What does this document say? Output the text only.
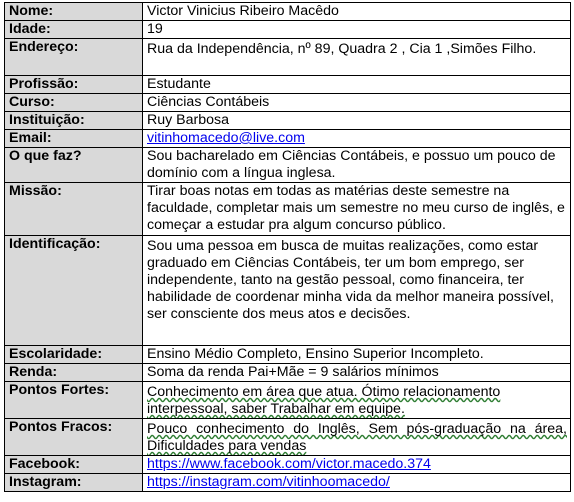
Nome:	Victor Vinicius Ribeiro Macêdo
Idade:	19
Endereço:	Rua da Independência, nº 89, Quadra 2 , Cia 1 ,Simões Filho.
Profissão:	Estudante
Curso:	Ciências Contábeis
Instituição:	Ruy Barbosa
Email:	vitinhomacedo@live.com
O que faz?	Sou bacharelado em Ciências Contábeis, e possuo um pouco de domínio com a língua inglesa.
Missão:	Tirar boas notas em todas as matérias deste semestre na faculdade, completar mais um semestre no meu curso de inglês, e começar a estudar pra algum concurso público.
Identificação:	Sou uma pessoa em busca de muitas realizações, como estar graduado em Ciências Contábeis, ter um bom emprego, ser independente, tanto na gestão pessoal, como financeira, ter habilidade de coordenar minha vida da melhor maneira possível, ser consciente dos meus atos e decisões.
Escolaridade:	Ensino Médio Completo, Ensino Superior Incompleto.
Renda:	Soma da renda Pai+Mãe = 9 salários mínimos
Pontos Fortes:	Conhecimento em área que atua. Ótimo relacionamento interpessoal, saber Trabalhar em equipe.
Pontos Fracos:	Pouco conhecimento do Inglês, Sem pós-graduação na área, Dificuldades para vendas
Facebook:	https://www.facebook.com/victor.macedo.374
Instagram:	https://instagram.com/vitinhoomacedo/
